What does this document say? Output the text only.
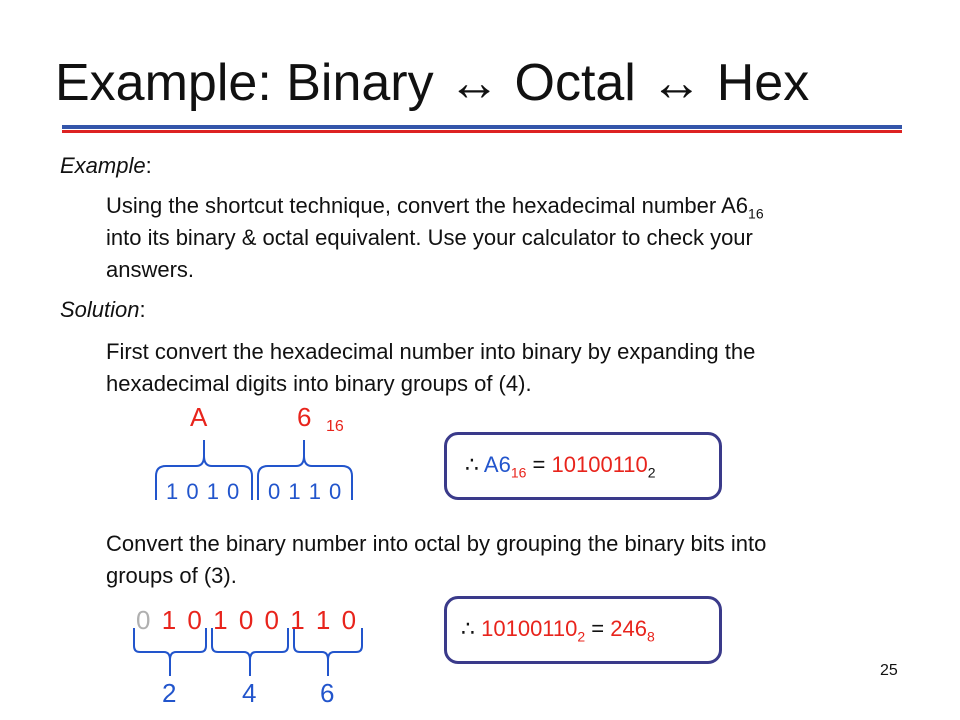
Example: Binary ↔ Octal ↔ Hex
Example:
Using the shortcut technique, convert the hexadecimal number $A6_{16}$
into its binary & octal equivalent. Use your calculator to check your
answers.
Solution:
First convert the hexadecimal number into binary by expanding the
hexadecimal digits into binary groups of (4).
A	6 16
1 0 1 0 0 1 1 0
∴ $A6_{16} = 10100110_2$
Convert the binary number into octal by grouping the binary bits into
groups of (3).
0 1 0 1 0 0 1 1 0
2	4 6
∴ $10100110_2 = 246_8$
25
